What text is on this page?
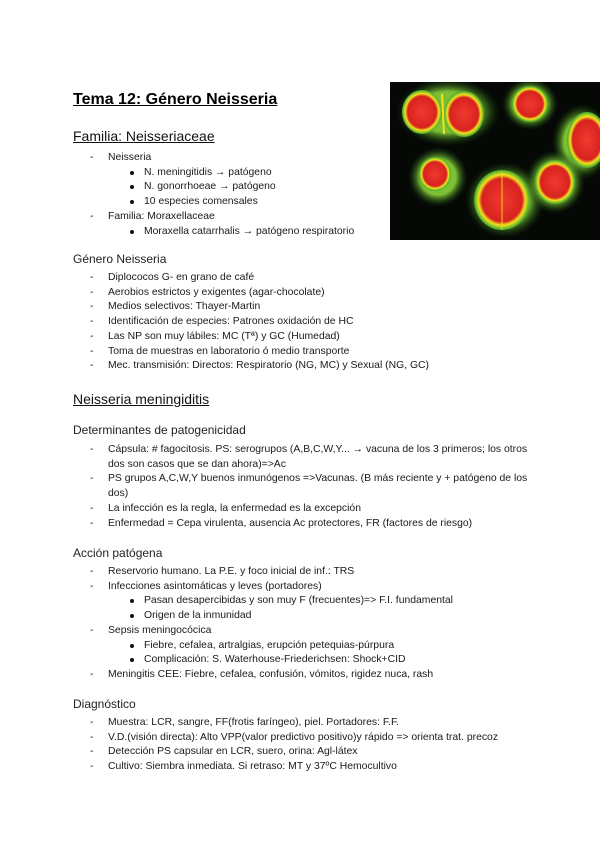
Tema 12: Género Neisseria
Familia: Neisseriaceae
- Neisseria
N. meningitidis → patógeno
N. gonorrhoeae → patógeno
10 especies comensales
- Familia: Moraxellaceae
Moraxella catarrhalis → patógeno respiratorio
Género Neisseria
- Diplococos G- en grano de café
- Aerobios estrictos y exigentes (agar-chocolate)
- Medios selectivos: Thayer-Martin
- Identificación de especies: Patrones oxidación de HC
- Las NP son muy lábiles: MC (Tª) y GC (Humedad)
- Toma de muestras en laboratorio ó medio transporte
- Mec. transmisión: Directos: Respiratorio (NG, MC) y Sexual (NG, GC)
Neisseria meningiditis
Determinantes de patogenicidad
- Cápsula: # fagocitosis. PS: serogrupos (A,B,C,W,Y... → vacuna de los 3 primeros; los otros dos son casos que se dan ahora)=>Ac
- PS grupos A,C,W,Y buenos inmunógenos =>Vacunas. (B más reciente y + patógeno de los dos)
- La infección es la regla, la enfermedad es la excepción
- Enfermedad = Cepa virulenta, ausencia Ac protectores, FR (factores de riesgo)
Acción patógena
- Reservorio humano. La P.E. y foco inicial de inf.: TRS
- Infecciones asintomáticas y leves (portadores)
Pasan desapercibidas y son muy F (frecuentes)=> F.I. fundamental
Origen de la inmunidad
- Sepsis meningocócica
Fiebre, cefalea, artralgias, erupción petequias-púrpura
Complicación: S. Waterhouse-Friederichsen: Shock+CID
- Meningitis CEE: Fiebre, cefalea, confusión, vómitos, rigidez nuca, rash
Diagnóstico
- Muestra: LCR, sangre, FF(frotis faríngeo), piel. Portadores: F.F.
- V.D.(visión directa): Alto VPP(valor predictivo positivo)y rápido => orienta trat. precoz
- Detección PS capsular en LCR, suero, orina: Agl-látex
- Cultivo: Siembra inmediata. Si retraso: MT y 37ºC Hemocultivo
